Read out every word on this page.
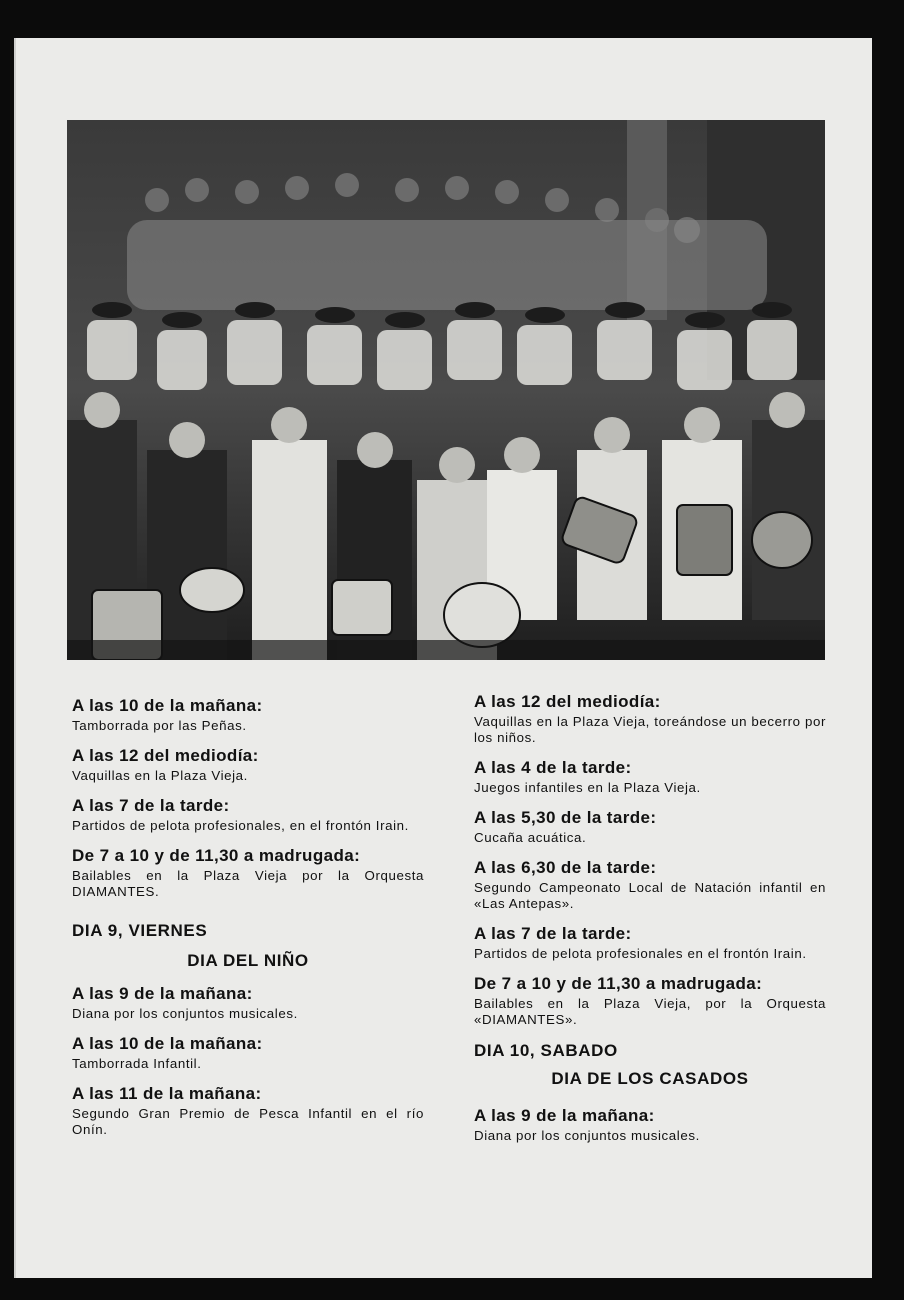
A las 10 de la mañana:
Tamborrada por las Peñas.
A las 12 del mediodía:
Vaquillas en la Plaza Vieja.
A las 7 de la tarde:
Partidos de pelota profesionales, en el frontón Irain.
De 7 a 10 y de 11,30 a madrugada:
Bailables en la Plaza Vieja por la Orquesta DIAMANTES.
DIA 9, VIERNES
DIA DEL NIÑO
A las 9 de la mañana:
Diana por los conjuntos musicales.
A las 10 de la mañana:
Tamborrada Infantil.
A las 11 de la mañana:
Segundo Gran Premio de Pesca Infantil en el río Onín.
A las 12 del mediodía:
Vaquillas en la Plaza Vieja, toreándose un becerro por los niños.
A las 4 de la tarde:
Juegos infantiles en la Plaza Vieja.
A las 5,30 de la tarde:
Cucaña acuática.
A las 6,30 de la tarde:
Segundo Campeonato Local de Natación infantil en «Las Antepas».
A las 7 de la tarde:
Partidos de pelota profesionales en el frontón Irain.
De 7 a 10 y de 11,30 a madrugada:
Bailables en la Plaza Vieja, por la Orquesta «DIAMANTES».
DIA 10, SABADO
DIA DE LOS CASADOS
A las 9 de la mañana:
Diana por los conjuntos musicales.
